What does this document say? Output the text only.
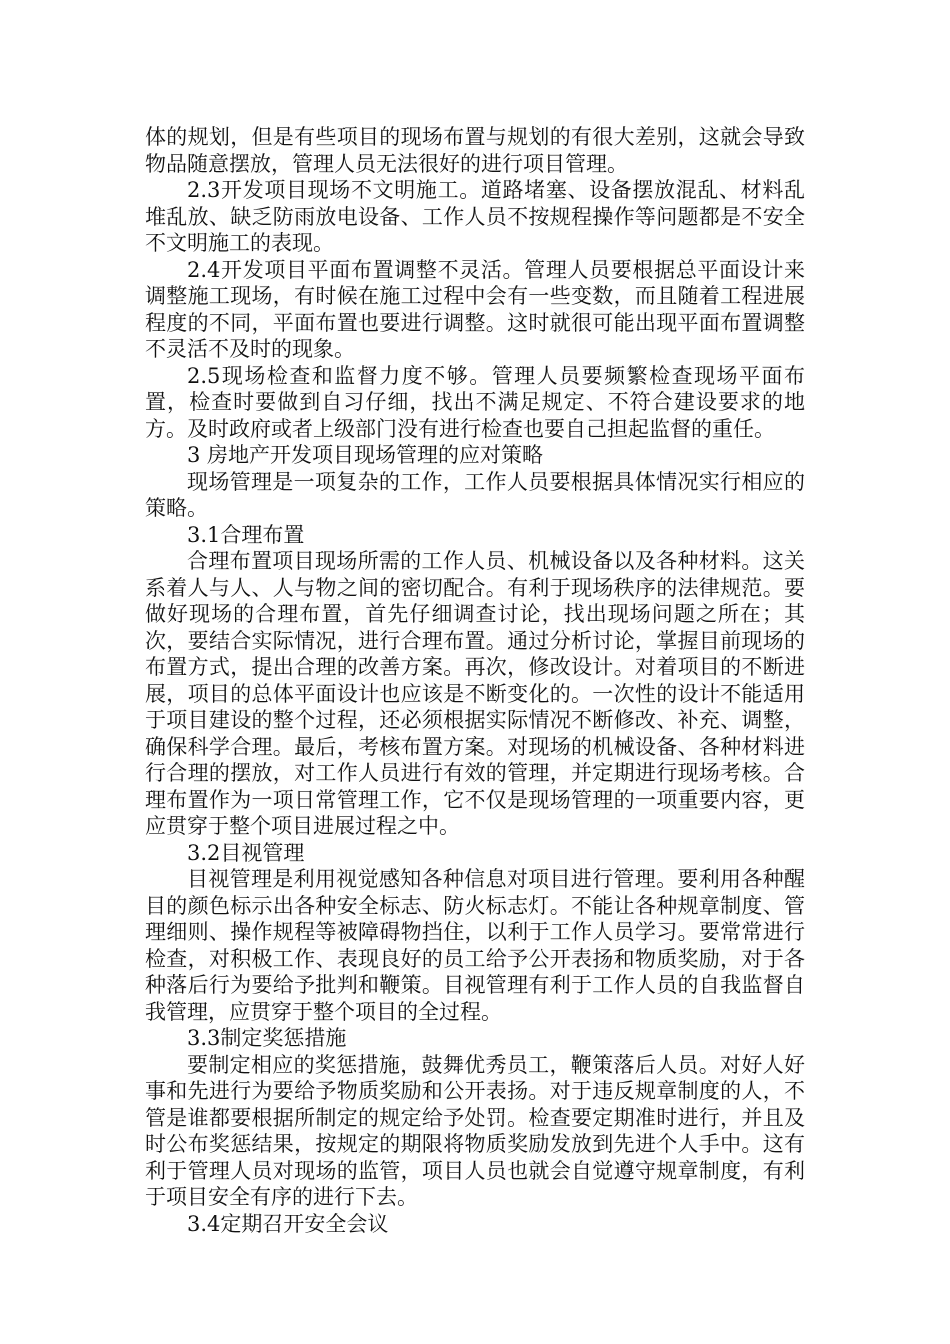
体的规划，但是有些项目的现场布置与规划的有很大差别，这就会导致物品随意摆放，管理人员无法很好的进行项目管理。

2.3开发项目现场不文明施工。道路堵塞、设备摆放混乱、材料乱堆乱放、缺乏防雨放电设备、工作人员不按规程操作等问题都是不安全不文明施工的表现。

2.4开发项目平面布置调整不灵活。管理人员要根据总平面设计来调整施工现场，有时候在施工过程中会有一些变数，而且随着工程进展程度的不同，平面布置也要进行调整。这时就很可能出现平面布置调整不灵活不及时的现象。

2.5现场检查和监督力度不够。管理人员要频繁检查现场平面布置，检查时要做到自习仔细，找出不满足规定、不符合建设要求的地方。及时政府或者上级部门没有进行检查也要自己担起监督的重任。

3 房地产开发项目现场管理的应对策略

现场管理是一项复杂的工作，工作人员要根据具体情况实行相应的策略。

3.1合理布置

合理布置项目现场所需的工作人员、机械设备以及各种材料。这关系着人与人、人与物之间的密切配合。有利于现场秩序的法律规范。要做好现场的合理布置，首先仔细调查讨论，找出现场问题之所在；其次，要结合实际情况，进行合理布置。通过分析讨论，掌握目前现场的布置方式，提出合理的改善方案。再次，修改设计。对着项目的不断进展，项目的总体平面设计也应该是不断变化的。一次性的设计不能适用于项目建设的整个过程，还必须根据实际情况不断修改、补充、调整，确保科学合理。最后，考核布置方案。对现场的机械设备、各种材料进行合理的摆放，对工作人员进行有效的管理，并定期进行现场考核。合理布置作为一项日常管理工作，它不仅是现场管理的一项重要内容，更应贯穿于整个项目进展过程之中。

3.2目视管理

目视管理是利用视觉感知各种信息对项目进行管理。要利用各种醒目的颜色标示出各种安全标志、防火标志灯。不能让各种规章制度、管理细则、操作规程等被障碍物挡住，以利于工作人员学习。要常常进行检查，对积极工作、表现良好的员工给予公开表扬和物质奖励，对于各种落后行为要给予批判和鞭策。目视管理有利于工作人员的自我监督自我管理，应贯穿于整个项目的全过程。

3.3制定奖惩措施

要制定相应的奖惩措施，鼓舞优秀员工，鞭策落后人员。对好人好事和先进行为要给予物质奖励和公开表扬。对于违反规章制度的人，不管是谁都要根据所制定的规定给予处罚。检查要定期准时进行，并且及时公布奖惩结果，按规定的期限将物质奖励发放到先进个人手中。这有利于管理人员对现场的监管，项目人员也就会自觉遵守规章制度，有利于项目安全有序的进行下去。

3.4定期召开安全会议
